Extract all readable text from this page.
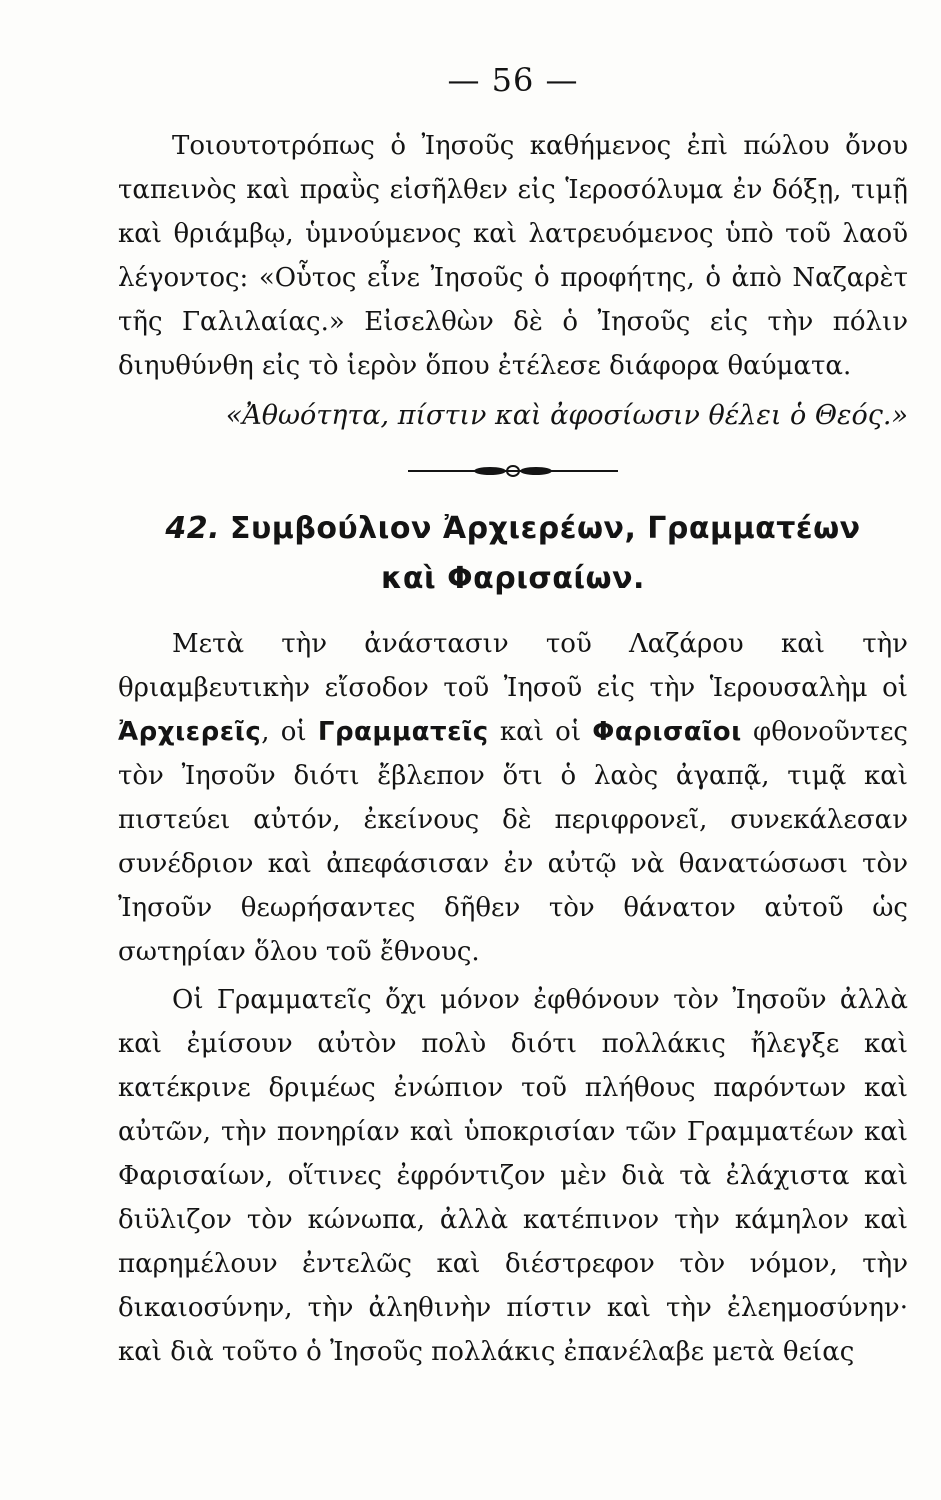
— 56 —

Τοιουτοτρόπως ὁ Ἰησοῦς καθήμενος ἐπὶ πώλου ὄνου ταπεινὸς καὶ πραῢς εἰσῆλθεν εἰς Ἱεροσόλυμα ἐν δόξῃ, τιμῇ καὶ θριάμβῳ, ὑμνούμενος καὶ λατρευόμενος ὑπὸ τοῦ λαοῦ λέγοντος: «Οὗτος εἶνε Ἰησοῦς ὁ προφήτης, ὁ ἀπὸ Ναζαρὲτ τῆς Γαλιλαίας.» Εἰσελθὼν δὲ ὁ Ἰησοῦς εἰς τὴν πόλιν διηυθύνθη εἰς τὸ ἱερὸν ὅπου ἐτέλεσε διάφορα θαύματα.

«Ἀθωότητα, πίστιν καὶ ἀφοσίωσιν θέλει ὁ Θεός.»

42. Συμβούλιον Ἀρχιερέων, Γραμματέων
καὶ Φαρισαίων.

Μετὰ τὴν ἀνάστασιν τοῦ Λαζάρου καὶ τὴν θριαμβευτικὴν εἴσοδον τοῦ Ἰησοῦ εἰς τὴν Ἱερουσαλὴμ οἱ Ἀρχιερεῖς, οἱ Γραμματεῖς καὶ οἱ Φαρισαῖοι φθονοῦντες τὸν Ἰησοῦν διότι ἔβλεπον ὅτι ὁ λαὸς ἀγαπᾷ, τιμᾷ καὶ πιστεύει αὐτόν, ἐκείνους δὲ περιφρονεῖ, συνεκάλεσαν συνέδριον καὶ ἀπεφάσισαν ἐν αὐτῷ νὰ θανατώσωσι τὸν Ἰησοῦν θεωρήσαντες δῆθεν τὸν θάνατον αὐτοῦ ὡς σωτηρίαν ὅλου τοῦ ἔθνους.

Οἱ Γραμματεῖς ὄχι μόνον ἐφθόνουν τὸν Ἰησοῦν ἀλλὰ καὶ ἐμίσουν αὐτὸν πολὺ διότι πολλάκις ἤλεγξε καὶ κατέκρινε δριμέως ἐνώπιον τοῦ πλήθους παρόντων καὶ αὐτῶν, τὴν πονηρίαν καὶ ὑποκρισίαν τῶν Γραμματέων καὶ Φαρισαίων, οἵτινες ἐφρόντιζον μὲν διὰ τὰ ἐλάχιστα καὶ διϋλιζον τὸν κώνωπα, ἀλλὰ κατέπινον τὴν κάμηλον καὶ παρημέλουν ἐντελῶς καὶ διέστρεφον τὸν νόμον, τὴν δικαιοσύνην, τὴν ἀληθινὴν πίστιν καὶ τὴν ἐλεημοσύνην· καὶ διὰ τοῦτο ὁ Ἰησοῦς πολλάκις ἐπανέλαβε μετὰ θείας
